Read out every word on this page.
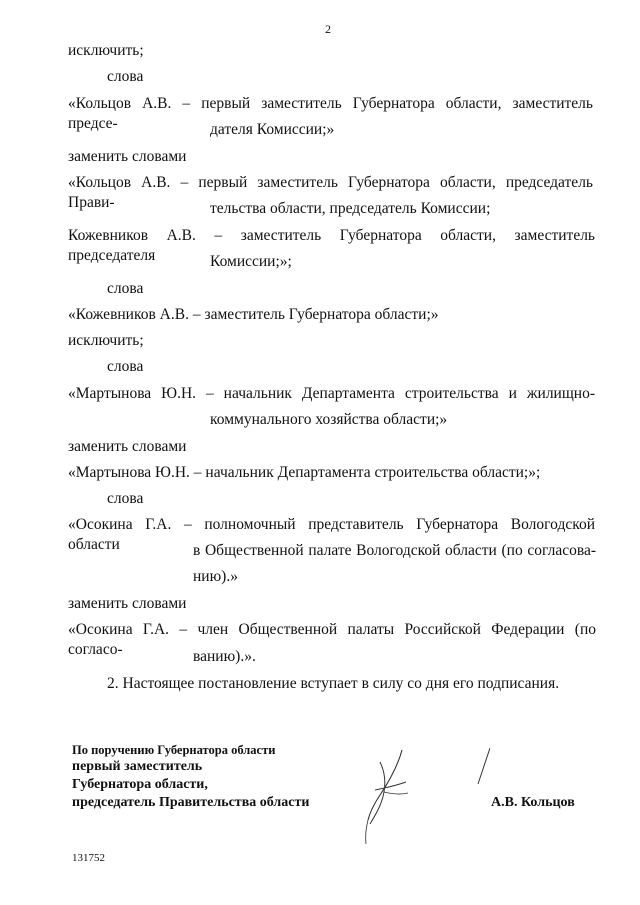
2
исключить;
слова
«Кольцов А.В. – первый заместитель Губернатора области, заместитель предсе-	дателя Комиссии;»
заменить словами
«Кольцов А.В. – первый заместитель Губернатора области, председатель Прави-	тельства области, председатель Комиссии;
Кожевников А.В. – заместитель Губернатора области, заместитель председателя	Комиссии;»;
слова
«Кожевников А.В. – заместитель Губернатора области;»
исключить;
слова
«Мартынова Ю.Н. – начальник Департамента строительства и жилищно-
коммунального хозяйства области;»
заменить словами
«Мартынова Ю.Н. – начальник Департамента строительства области;»;
слова
«Осокина Г.А. – полномочный представитель Губернатора Вологодской области	в Общественной палате Вологодской области (по согласова-
нию).»
заменить словами
«Осокина Г.А. – член Общественной палаты Российской Федерации (по согласо-	ванию).».
2. Настоящее постановление вступает в силу со дня его подписания.
По поручению Губернатора области
первый заместитель
Губернатора области,
председатель Правительства области	А.В. Кольцов
131752
